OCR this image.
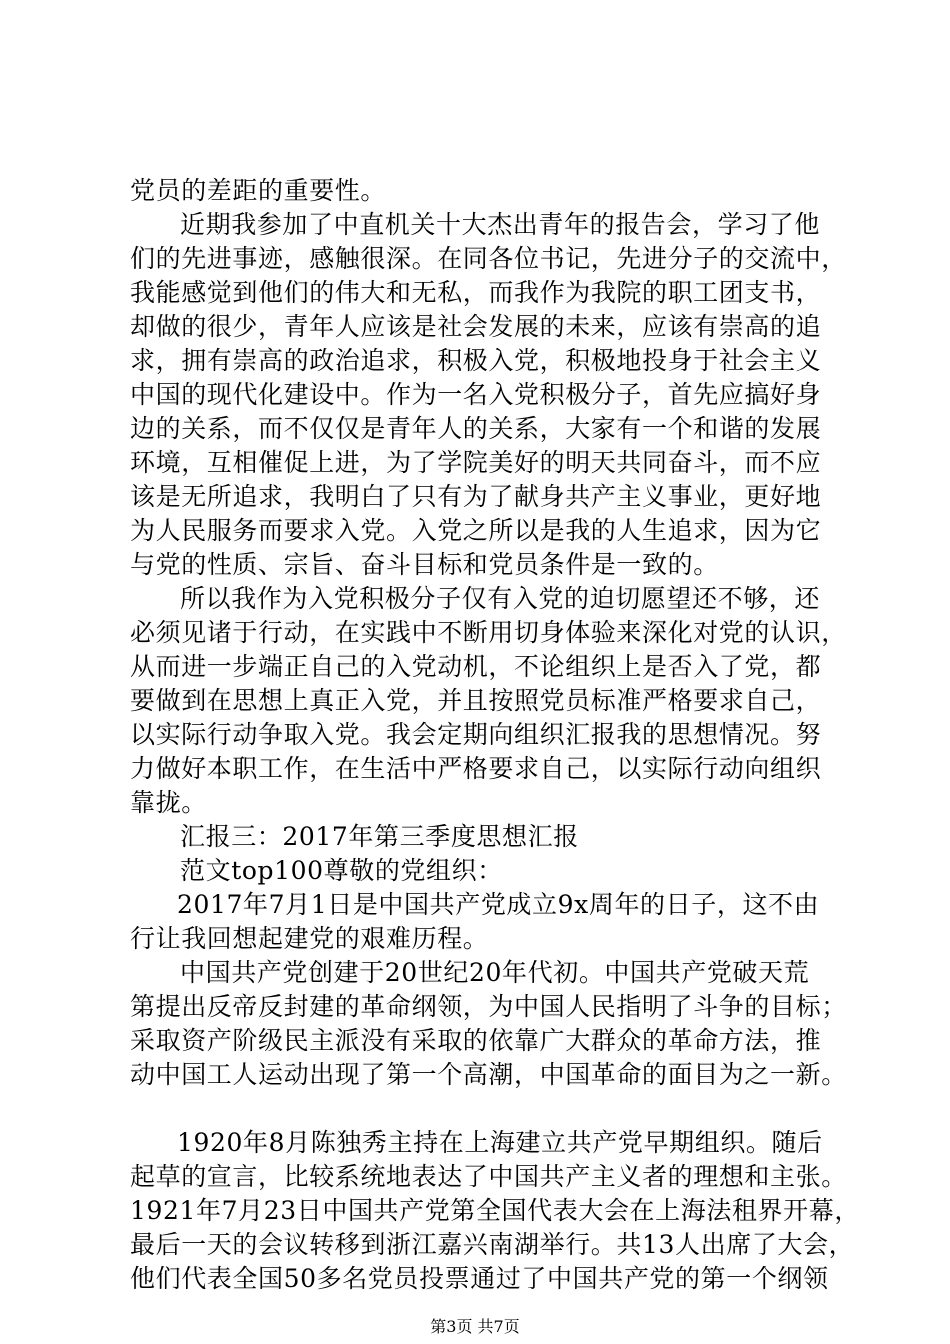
党员的差距的重要性。
近期我参加了中直机关十大杰出青年的报告会，学习了他
们的先进事迹，感触很深。在同各位书记，先进分子的交流中，
我能感觉到他们的伟大和无私，而我作为我院的职工团支书，
却做的很少，青年人应该是社会发展的未来，应该有崇高的追
求，拥有崇高的政治追求，积极入党，积极地投身于社会主义
中国的现代化建设中。作为一名入党积极分子，首先应搞好身
边的关系，而不仅仅是青年人的关系，大家有一个和谐的发展
环境，互相催促上进，为了学院美好的明天共同奋斗，而不应
该是无所追求，我明白了只有为了献身共产主义事业，更好地
为人民服务而要求入党。入党之所以是我的人生追求，因为它
与党的性质、宗旨、奋斗目标和党员条件是一致的。
所以我作为入党积极分子仅有入党的迫切愿望还不够，还
必须见诸于行动，在实践中不断用切身体验来深化对党的认识，
从而进一步端正自己的入党动机，不论组织上是否入了党，都
要做到在思想上真正入党，并且按照党员标准严格要求自己，
以实际行动争取入党。我会定期向组织汇报我的思想情况。努
力做好本职工作，在生活中严格要求自己，以实际行动向组织
靠拢。
汇报三：2017年第三季度思想汇报
范文top100尊敬的党组织：
2017年7月1日是中国共产党成立9x周年的日子，这不由
行让我回想起建党的艰难历程。
中国共产党创建于20世纪20年代初。中国共产党破天荒
第提出反帝反封建的革命纲领，为中国人民指明了斗争的目标；
采取资产阶级民主派没有采取的依靠广大群众的革命方法，推
动中国工人运动出现了第一个高潮，中国革命的面目为之一新。
1920年8月陈独秀主持在上海建立共产党早期组织。随后
起草的宣言，比较系统地表达了中国共产主义者的理想和主张。
1921年7月23日中国共产党第全国代表大会在上海法租界开幕，
最后一天的会议转移到浙江嘉兴南湖举行。共13人出席了大会，
他们代表全国50多名党员投票通过了中国共产党的第一个纲领
第3页 共7页
